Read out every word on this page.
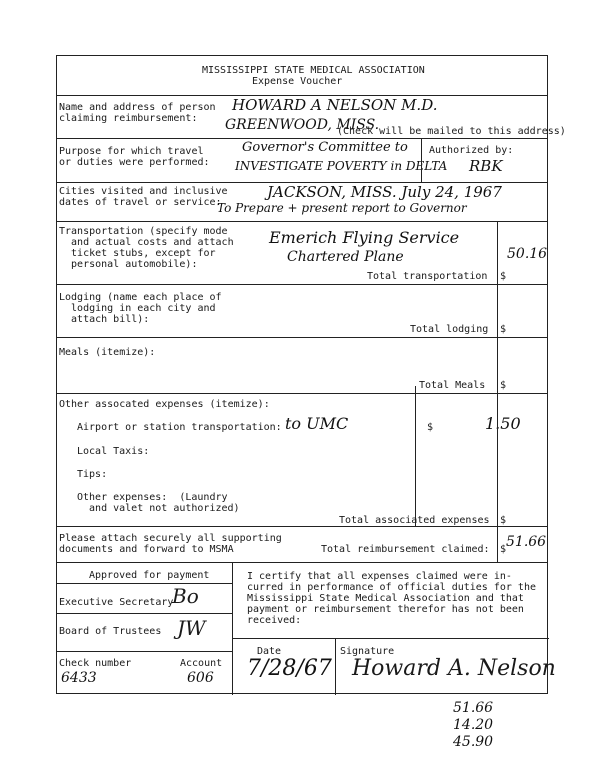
MISSISSIPPI STATE MEDICAL ASSOCIATION
Expense Voucher
Name and address of person
claiming reimbursement:
HOWARD A NELSON M.D.
GREENWOOD, MISS.
(Check will be mailed to this address)
Purpose for which travel
or duties were performed:
Governor's Committee to
INVESTIGATE POVERTY in DELTA
Authorized by:
RBK
Cities visited and inclusive
dates of travel or service:
JACKSON, MISS. July 24, 1967
To Prepare + present report to Governor
Transportation (specify mode
and actual costs and attach
ticket stubs, except for
personal automobile):
Emerich Flying Service
Chartered Plane
Total transportation $
50.16
Lodging (name each place of
lodging in each city and
attach bill):
Total lodging $
Meals (itemize):
Total Meals $
Other assocated expenses (itemize):
Airport or station transportation: to UMC	$	1.50
Local Taxis:
Tips:
Other expenses:  (Laundry
and valet not authorized)
Total associated expenses $
Please attach securely all supporting
documents and forward to MSMA	Total reimbursement claimed: $ 51.66
Approved for payment
Executive Secretary
Bo
Board of Trustees JW
Check number
6433
Account
606
I certify that all expenses claimed were in-
curred in performance of official duties for the
Mississippi State Medical Association and that
payment or reimbursement therefor has not been
received:
Date
7/28/67
Signature
Howard A. Nelson
51.66
14.20
45.90
